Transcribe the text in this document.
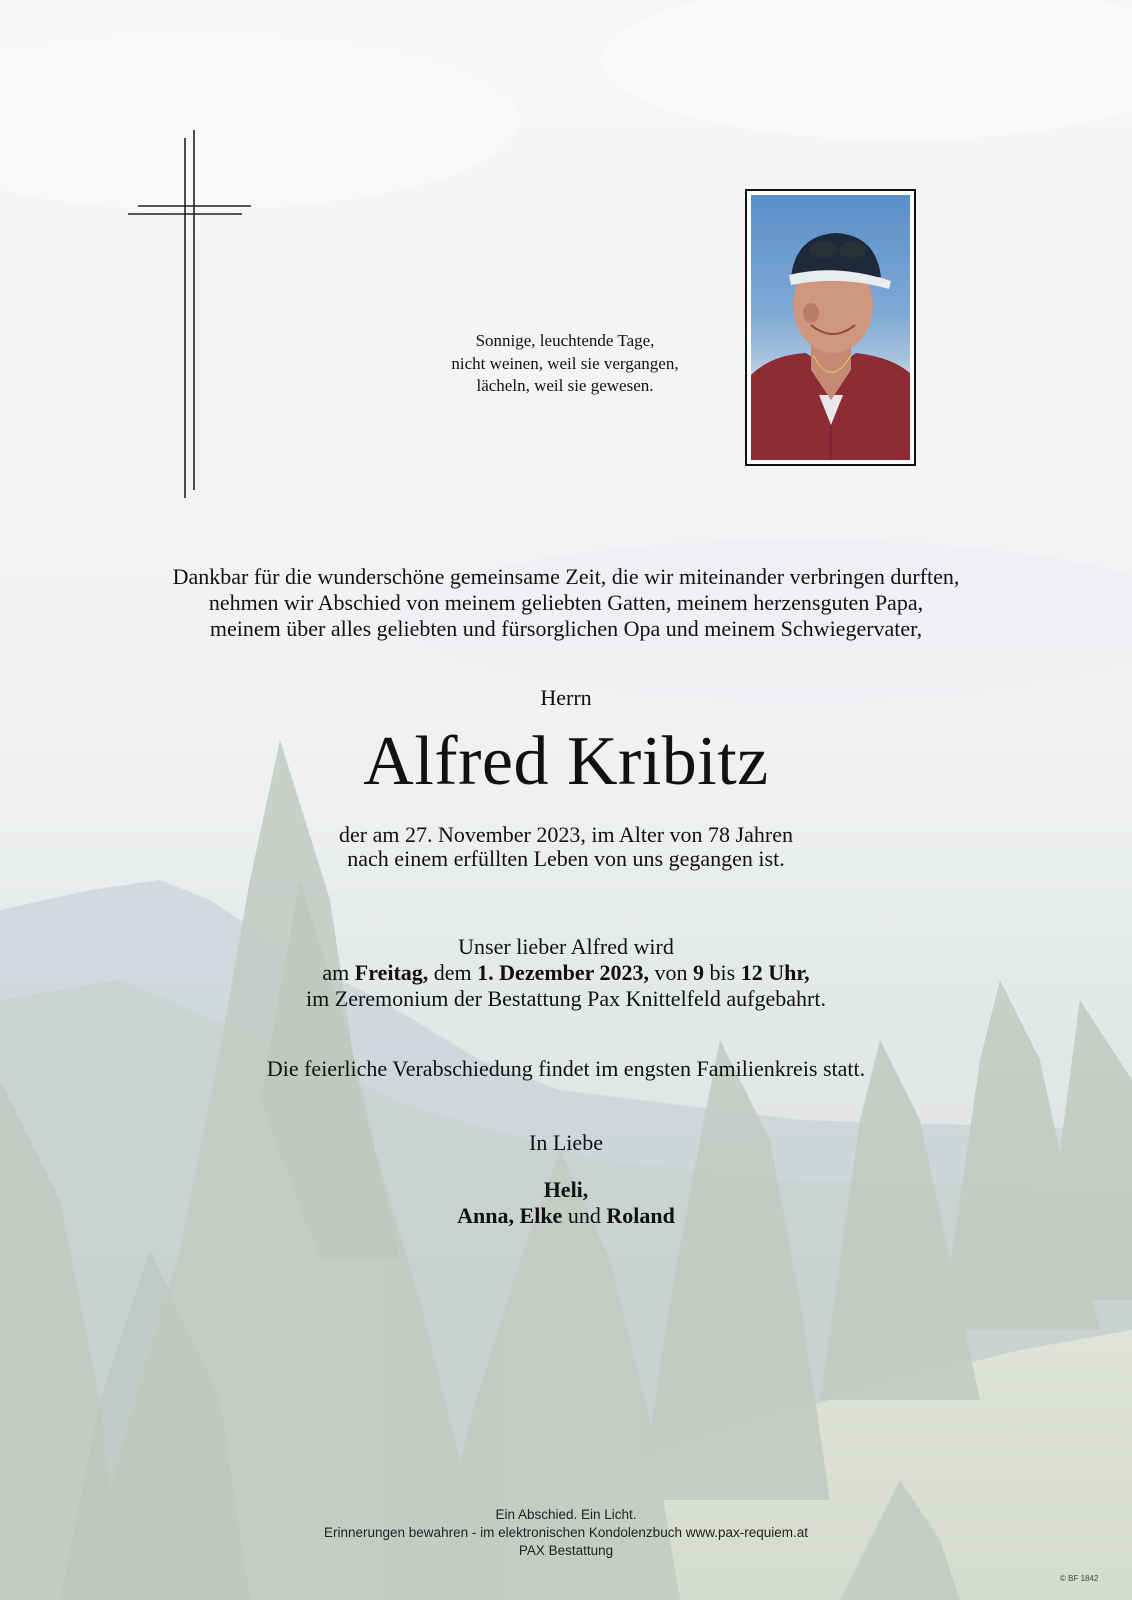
Sonnige, leuchtende Tage,
nicht weinen, weil sie vergangen,
lächeln, weil sie gewesen.
Dankbar für die wunderschöne gemeinsame Zeit, die wir miteinander verbringen durften,
nehmen wir Abschied von meinem geliebten Gatten, meinem herzensguten Papa,
meinem über alles geliebten und fürsorglichen Opa und meinem Schwiegervater,
Herrn
Alfred Kribitz
der am 27. November 2023, im Alter von 78 Jahren
nach einem erfüllten Leben von uns gegangen ist.
Unser lieber Alfred wird
am Freitag, dem 1. Dezember 2023, von 9 bis 12 Uhr,
im Zeremonium der Bestattung Pax Knittelfeld aufgebahrt.
Die feierliche Verabschiedung findet im engsten Familienkreis statt.
In Liebe
Heli,
Anna, Elke und Roland
Ein Abschied. Ein Licht.
Erinnerungen bewahren - im elektronischen Kondolenzbuch www.pax-requiem.at
PAX Bestattung
© BF 1842
